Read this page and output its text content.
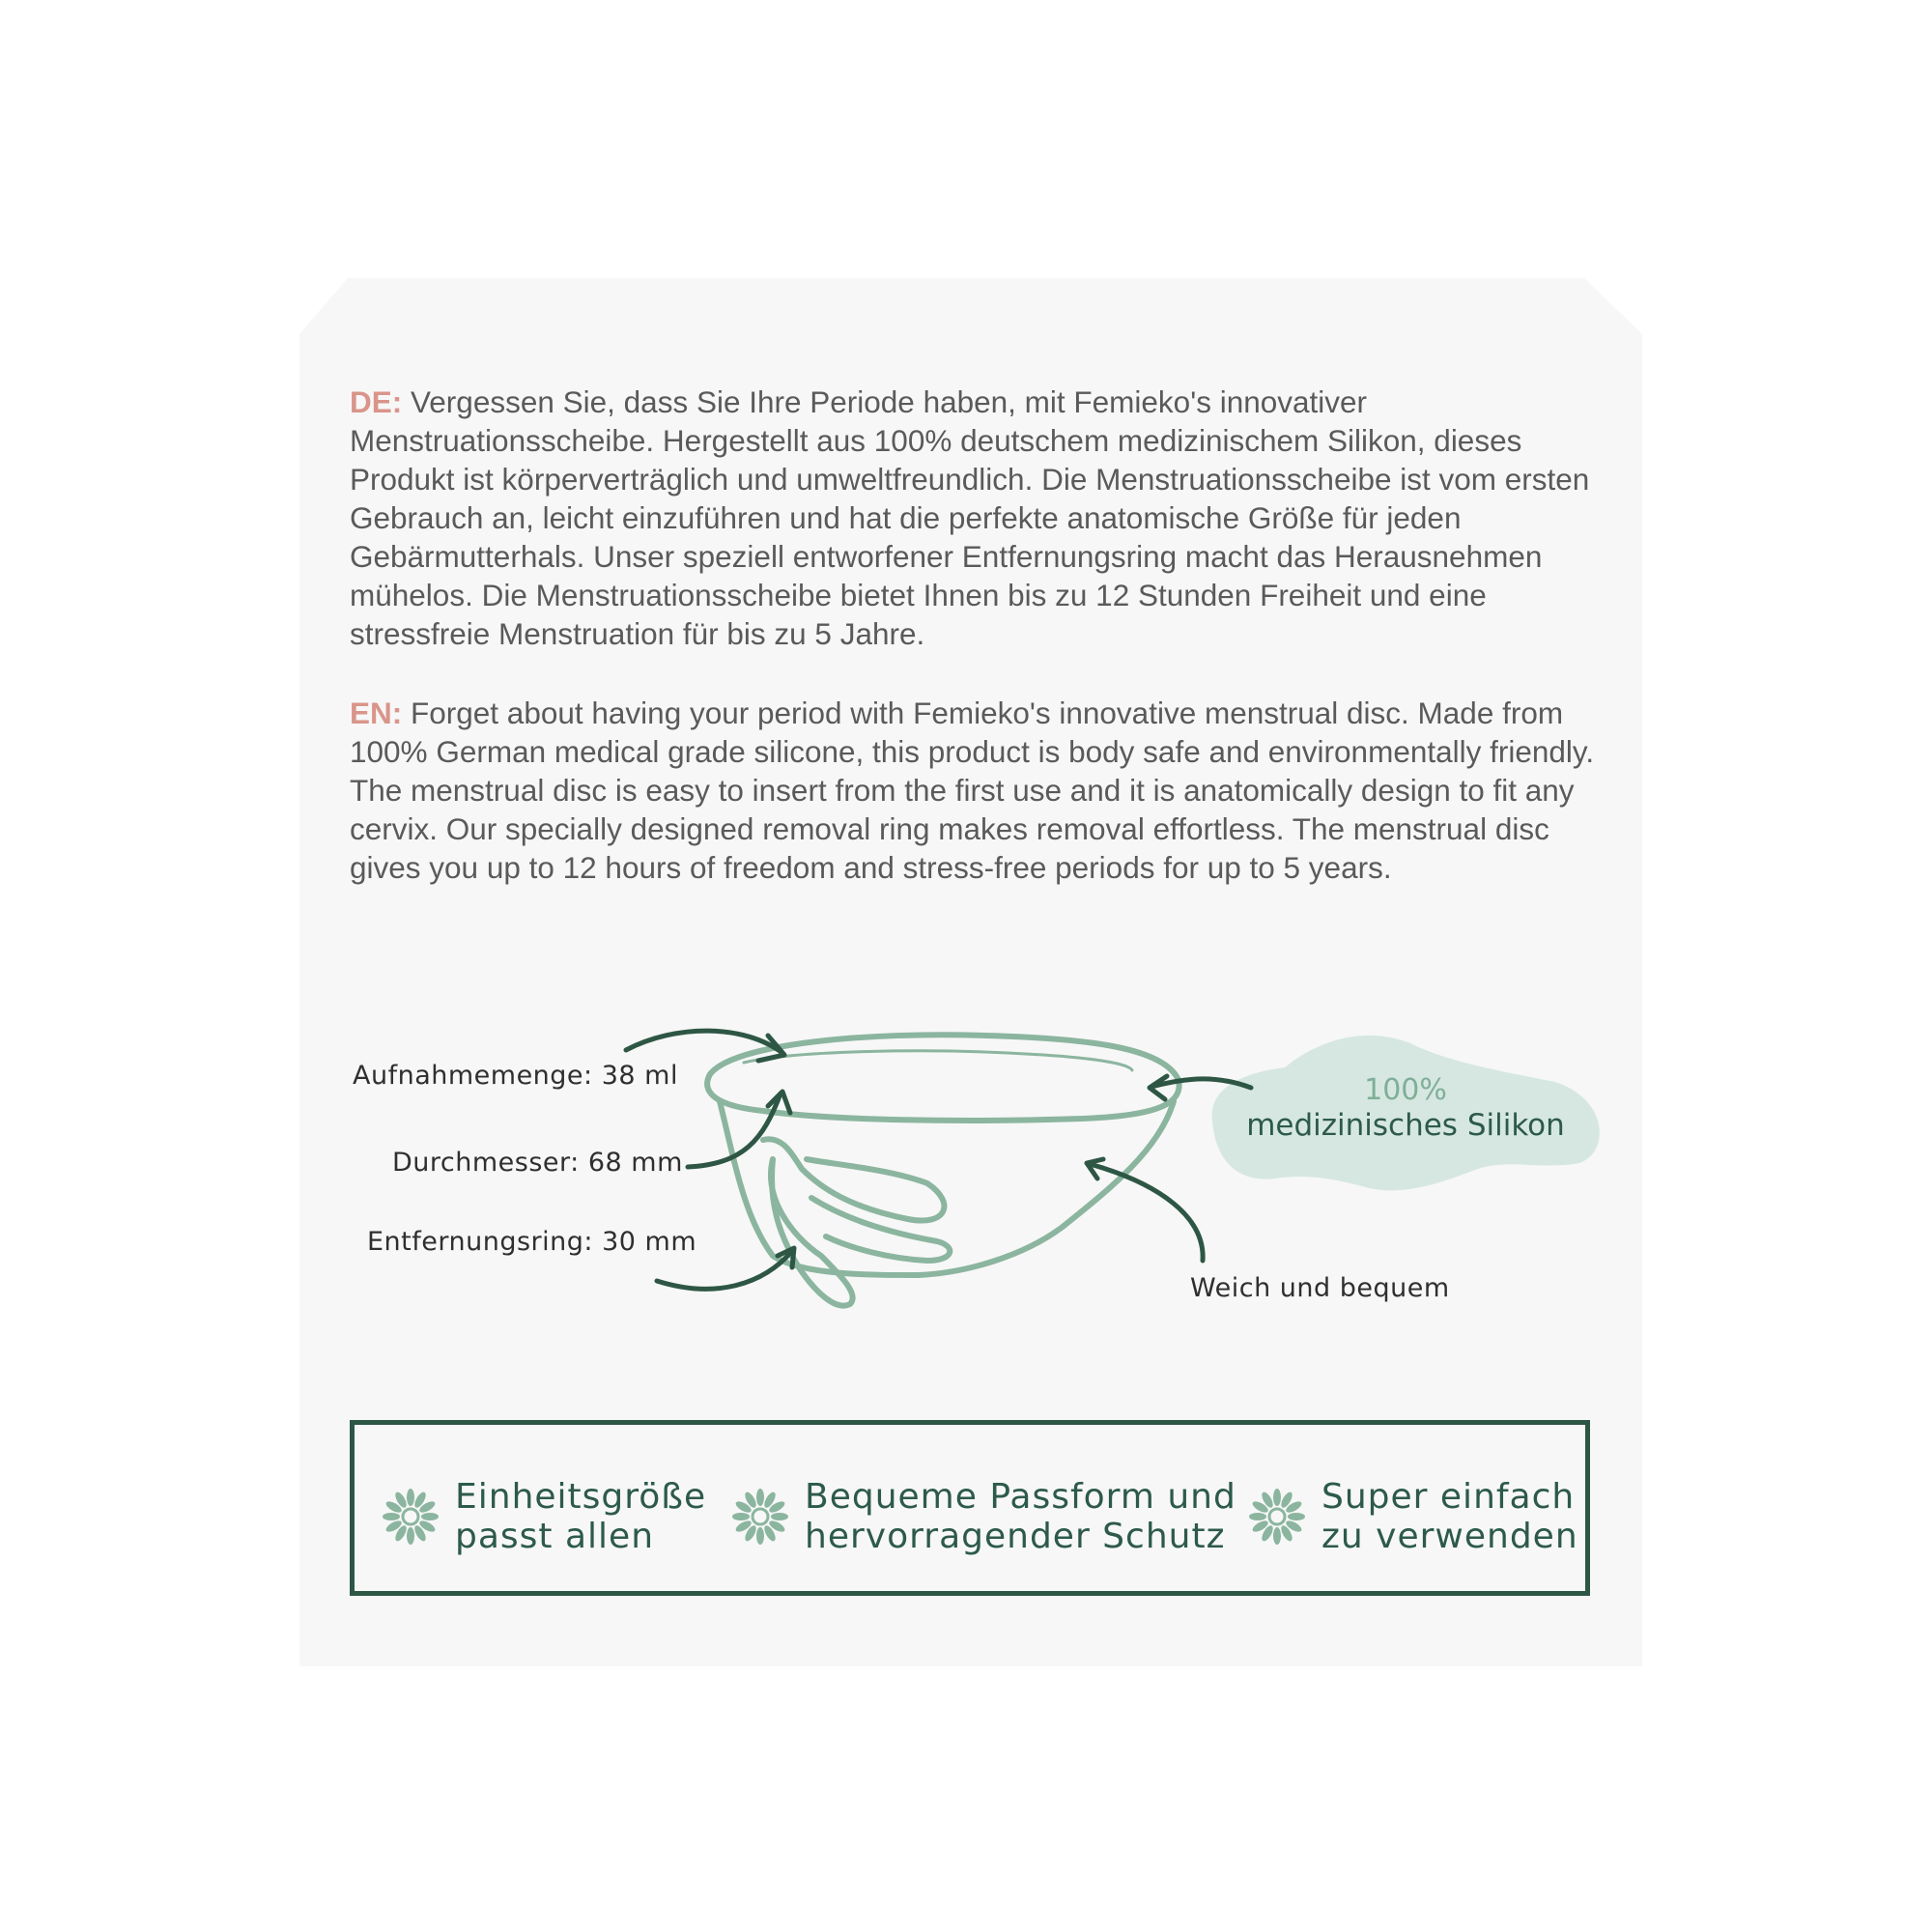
DE: Vergessen Sie, dass Sie Ihre Periode haben, mit Femieko's innovativer Menstruationsscheibe. Hergestellt aus 100% deutschem medizinischem Silikon, dieses Produkt ist körperverträglich und umweltfreundlich. Die Menstruationsscheibe ist vom ersten Gebrauch an, leicht einzuführen und hat die perfekte anatomische Größe für jeden Gebärmutterhals. Unser speziell entworfener Entfernungsring macht das Herausnehmen mühelos. Die Menstruationsscheibe bietet Ihnen bis zu 12 Stunden Freiheit und eine stressfreie Menstruation für bis zu 5 Jahre.

EN: Forget about having your period with Femieko's innovative menstrual disc. Made from 100% German medical grade silicone, this product is body safe and environmentally friendly. The menstrual disc is easy to insert from the first use and it is anatomically design to fit any cervix. Our specially designed removal ring makes removal effortless. The menstrual disc gives you up to 12 hours of freedom and stress-free periods for up to 5 years.

Aufnahmemenge: 38 ml
Durchmesser: 68 mm
Entfernungsring: 30 mm
Weich und bequem
100%
medizinisches Silikon
Einheitsgröße
passt allen
Bequeme Passform und
hervorragender Schutz
Super einfach
zu verwenden
